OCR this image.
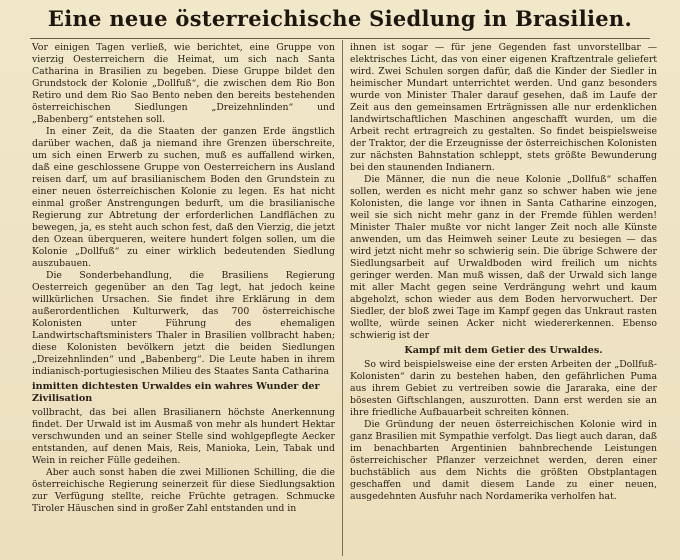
Eine neue österreichische Siedlung in Brasilien.

Vor einigen Tagen verließ, wie berichtet, eine Gruppe von vierzig Oesterreichern die Heimat, um sich nach Santa Catharina in Brasilien zu begeben. Diese Gruppe bildet den Grundstock der Kolonie „Dollfuß“, die zwischen dem Rio Bon Retiro und dem Rio Sao Bento neben den bereits bestehenden österreichischen Siedlungen „Dreizehnlinden“ und „Babenberg“ entstehen soll.

In einer Zeit, da die Staaten der ganzen Erde ängstlich darüber wachen, daß ja niemand ihre Grenzen überschreite, um sich einen Erwerb zu suchen, muß es auffallend wirken, daß eine geschlossene Gruppe von Oesterreichern ins Ausland reisen darf, um auf brasilianischem Boden den Grundstein zu einer neuen österreichischen Kolonie zu legen. Es hat nicht einmal großer Anstrengungen bedurft, um die brasilianische Regierung zur Abtretung der erforderlichen Landflächen zu bewegen, ja, es steht auch schon fest, daß den Vierzig, die jetzt den Ozean überqueren, weitere hundert folgen sollen, um die Kolonie „Dollfuß“ zu einer wirklich bedeutenden Siedlung auszubauen.

Die Sonderbehandlung, die Brasiliens Regierung Oesterreich gegenüber an den Tag legt, hat jedoch keine willkürlichen Ursachen. Sie findet ihre Erklärung in dem außerordentlichen Kulturwerk, das 700 österreichische Kolonisten unter Führung des ehemaligen Landwirtschaftsministers Thaler in Brasilien vollbracht haben; diese Kolonisten bevölkern jetzt die beiden Siedlungen „Dreizehnlinden“ und „Babenberg“. Die Leute haben in ihrem indianisch-portugiesischen Milieu des Staates Santa Catharina

inmitten dichtesten Urwaldes ein wahres Wunder der Zivilisation

vollbracht, das bei allen Brasilianern höchste Anerkennung findet. Der Urwald ist im Ausmaß von mehr als hundert Hektar verschwunden und an seiner Stelle sind wohlgepflegte Aecker entstanden, auf denen Mais, Reis, Manioka, Lein, Tabak und Wein in reicher Fülle gedeihen.

Aber auch sonst haben die zwei Millionen Schilling, die die österreichische Regierung seinerzeit für diese Siedlungsaktion zur Verfügung stellte, reiche Früchte getragen. Schmucke Tiroler Häuschen sind in großer Zahl entstanden und in

ihnen ist sogar — für jene Gegenden fast unvorstellbar — elektrisches Licht, das von einer eigenen Kraftzentrale geliefert wird. Zwei Schulen sorgen dafür, daß die Kinder der Siedler in heimischer Mundart unterrichtet werden. Und ganz besonders wurde von Minister Thaler darauf gesehen, daß im Laufe der Zeit aus den gemeinsamen Erträgnissen alle nur erdenklichen landwirtschaftlichen Maschinen angeschafft wurden, um die Arbeit recht ertragreich zu gestalten. So findet beispielsweise der Traktor, der die Erzeugnisse der österreichischen Kolonisten zur nächsten Bahnstation schleppt, stets größte Bewunderung bei den staunenden Indianern.

Die Männer, die nun die neue Kolonie „Dollfuß“ schaffen sollen, werden es nicht mehr ganz so schwer haben wie jene Kolonisten, die lange vor ihnen in Santa Catharine einzogen, weil sie sich nicht mehr ganz in der Fremde fühlen werden! Minister Thaler mußte vor nicht langer Zeit noch alle Künste anwenden, um das Heimweh seiner Leute zu besiegen — das wird jetzt nicht mehr so schwierig sein. Die übrige Schwere der Siedlungsarbeit auf Urwaldboden wird freilich um nichts geringer werden. Man muß wissen, daß der Urwald sich lange mit aller Macht gegen seine Verdrängung wehrt und kaum abgeholzt, schon wieder aus dem Boden hervorwuchert. Der Siedler, der bloß zwei Tage im Kampf gegen das Unkraut rasten wollte, würde seinen Acker nicht wiedererkennen. Ebenso schwierig ist der

Kampf mit dem Getier des Urwaldes.

So wird beispielsweise eine der ersten Arbeiten der „Dollfuß-Kolonisten“ darin zu bestehen haben, den gefährlichen Puma aus ihrem Gebiet zu vertreiben sowie die Jararaka, eine der bösesten Giftschlangen, auszurotten. Dann erst werden sie an ihre friedliche Aufbauarbeit schreiten können.

Die Gründung der neuen österreichischen Kolonie wird in ganz Brasilien mit Sympathie verfolgt. Das liegt auch daran, daß im benachbarten Argentinien bahnbrechende Leistungen österreichischer Pflanzer verzeichnet werden, deren einer buchstäblich aus dem Nichts die größten Obstplantagen geschaffen und damit diesem Lande zu einer neuen, ausgedehnten Ausfuhr nach Nordamerika verholfen hat.
